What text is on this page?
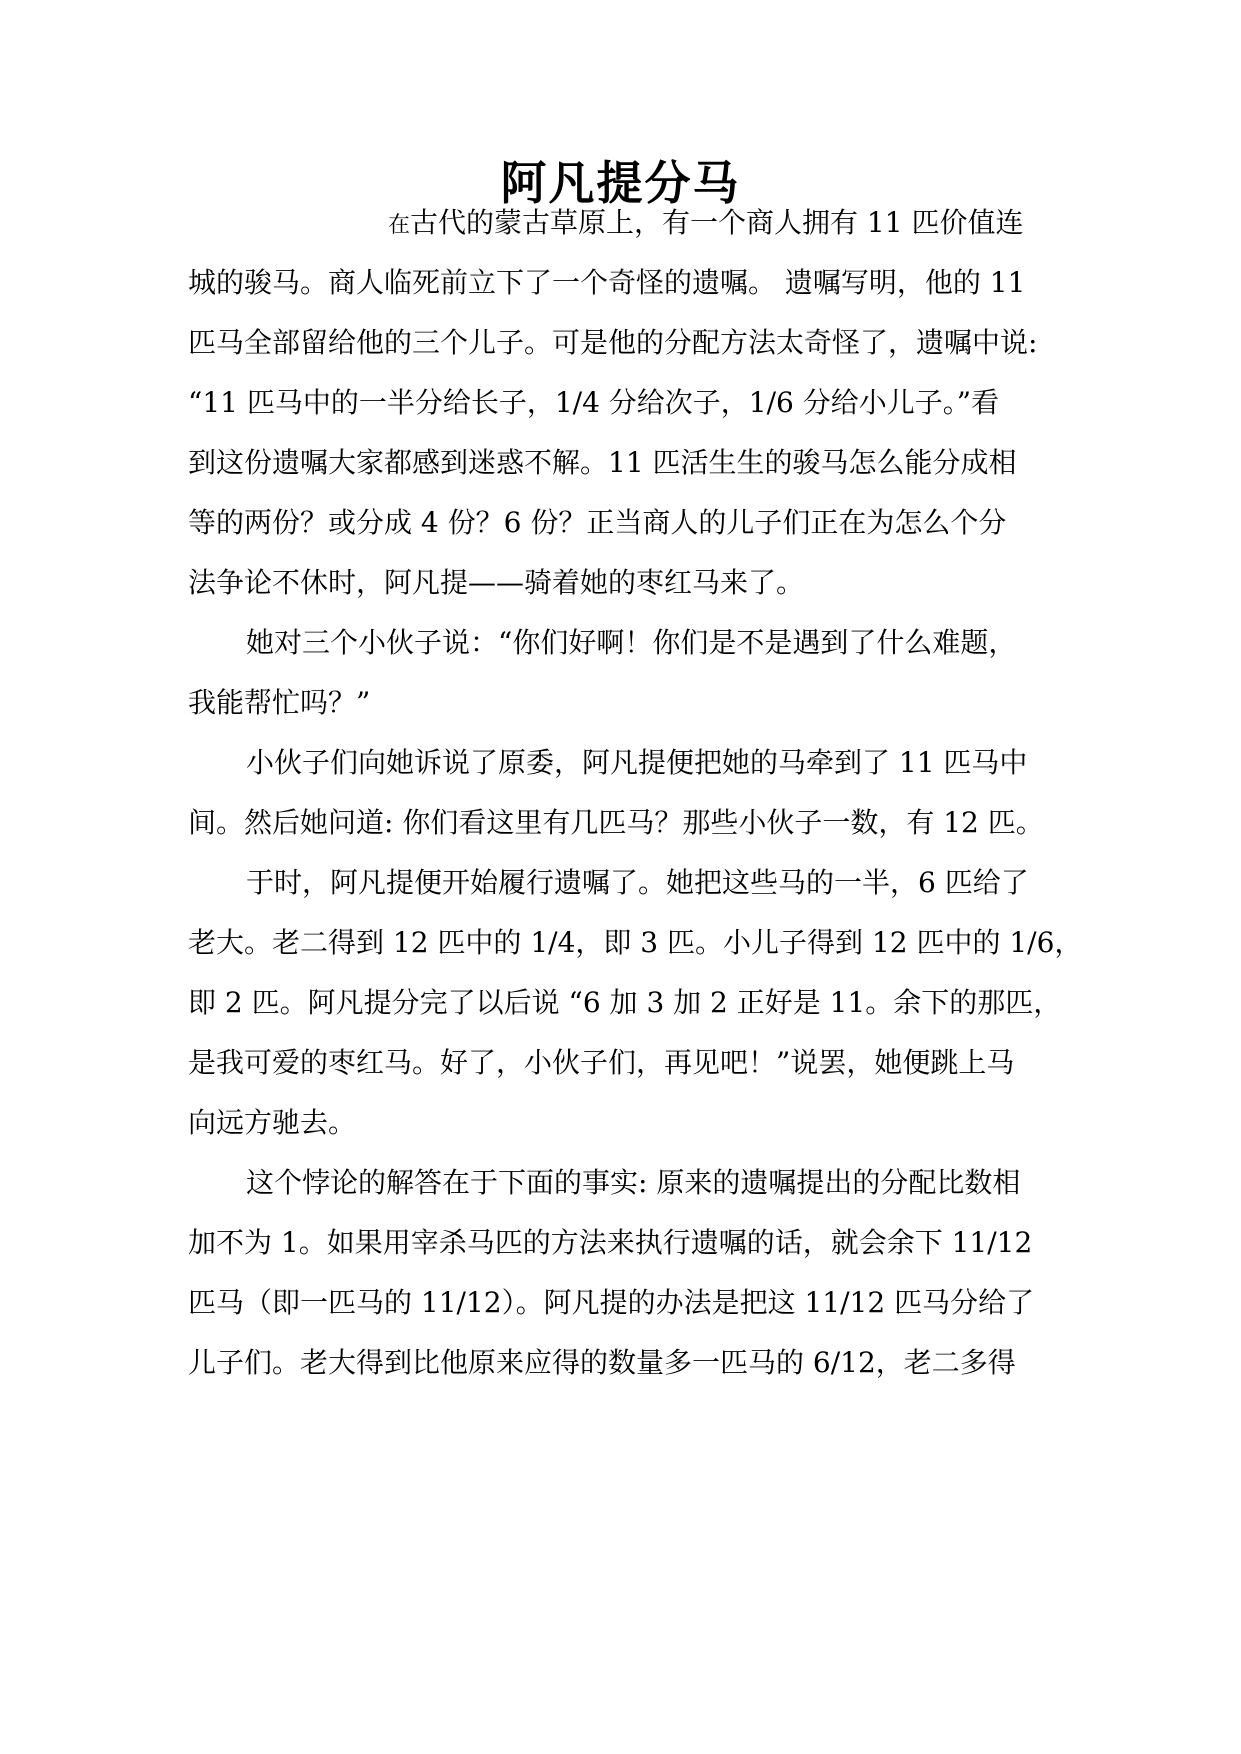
阿凡提分马
在古代的蒙古草原上，有一个商人拥有 11 匹价值连
城的骏马。商人临死前立下了一个奇怪的遗嘱。 遗嘱写明，他的 11
匹马全部留给他的三个儿子。可是他的分配方法太奇怪了，遗嘱中说:
“11 匹马中的一半分给长子，1/4 分给次子，1/6 分给小儿子。”看
到这份遗嘱大家都感到迷惑不解。11 匹活生生的骏马怎么能分成相
等的两份？或分成 4 份？6 份？正当商人的儿子们正在为怎么个分
法争论不休时，阿凡提——骑着她的枣红马来了。
她对三个小伙子说：“你们好啊！你们是不是遇到了什么难题，
我能帮忙吗？”
小伙子们向她诉说了原委，阿凡提便把她的马牵到了 11 匹马中
间。然后她问道: 你们看这里有几匹马？那些小伙子一数，有 12 匹。
于时，阿凡提便开始履行遗嘱了。她把这些马的一半，6 匹给了
老大。老二得到 12 匹中的 1/4，即 3 匹。小儿子得到 12 匹中的 1/6，
即 2 匹。阿凡提分完了以后说 “6 加 3 加 2 正好是 11。余下的那匹，
是我可爱的枣红马。好了，小伙子们，再见吧！”说罢，她便跳上马
向远方驰去。
这个悖论的解答在于下面的事实: 原来的遗嘱提出的分配比数相
加不为 1。如果用宰杀马匹的方法来执行遗嘱的话，就会余下 11/12
匹马（即一匹马的 11/12）。阿凡提的办法是把这 11/12 匹马分给了
儿子们。老大得到比他原来应得的数量多一匹马的 6/12，老二多得
